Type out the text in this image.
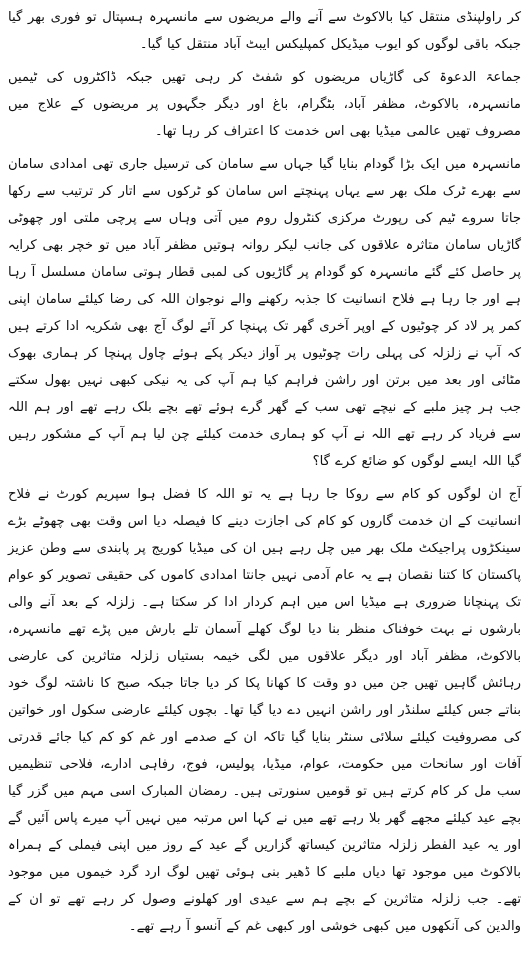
کر راولپنڈی منتقل کیا بالاکوٹ سے آنے والے مریضوں سے مانسہرہ ہسپتال تو فوری بھر گیا جبکہ باقی لوگوں کو ایوب میڈیکل کمپلیکس ایبٹ آباد منتقل کیا گیا۔

جماعۃ الدعوۃ کی گاڑیاں مریضوں کو شفٹ کر رہی تھیں جبکہ ڈاکٹروں کی ٹیمیں مانسہرہ، بالاکوٹ، مظفر آباد، بٹگرام، باغ اور دیگر جگہوں پر مریضوں کے علاج میں مصروف تھیں عالمی میڈیا بھی اس خدمت کا اعتراف کر رہا تھا۔

مانسہرہ میں ایک بڑا گودام بنایا گیا جہاں سے سامان کی ترسیل جاری تھی امدادی سامان سے بھرے ٹرک ملک بھر سے یہاں پہنچتے اس سامان کو ٹرکوں سے اتار کر ترتیب سے رکھا جاتا سروے ٹیم کی رپورٹ مرکزی کنٹرول روم میں آتی وہاں سے پرچی ملتی اور چھوٹی گاڑیاں سامان متاثرہ علاقوں کی جانب لیکر روانہ ہوتیں مظفر آباد میں تو خچر بھی کرایہ پر حاصل کئے گئے مانسہرہ کو گودام پر گاڑیوں کی لمبی قطار ہوتی سامان مسلسل آ رہا ہے اور جا رہا ہے فلاح انسانیت کا جذبہ رکھنے والے نوجوان اللہ کی رضا کیلئے سامان اپنی کمر پر لاد کر چوٹیوں کے اوپر آخری گھر تک پہنچا کر آئے لوگ آج بھی شکریہ ادا کرتے ہیں کہ آپ نے زلزلہ کی پہلی رات چوٹیوں پر آواز دیکر پکے ہوئے چاول پہنچا کر ہماری بھوک مٹائی اور بعد میں برتن اور راشن فراہم کیا ہم آپ کی یہ نیکی کبھی نہیں بھول سکتے جب ہر چیز ملبے کے نیچے تھی سب کے گھر گرے ہوئے تھے بچے بلک رہے تھے اور ہم اللہ سے فریاد کر رہے تھے اللہ نے آپ کو ہماری خدمت کیلئے چن لیا ہم آپ کے مشکور رہیں گیا اللہ ایسے لوگوں کو ضائع کرے گا؟

آج ان لوگوں کو کام سے روکا جا رہا ہے یہ تو اللہ کا فضل ہوا سپریم کورٹ نے فلاح انسانیت کے ان خدمت گاروں کو کام کی اجازت دینے کا فیصلہ دیا اس وقت بھی چھوٹے بڑے سینکڑوں پراجیکٹ ملک بھر میں چل رہے ہیں ان کی میڈیا کوریج پر پابندی سے وطن عزیز پاکستان کا کتنا نقصان ہے یہ عام آدمی نہیں جانتا امدادی کاموں کی حقیقی تصویر کو عوام تک پہنچانا ضروری ہے میڈیا اس میں اہم کردار ادا کر سکتا ہے۔ زلزلہ کے بعد آنے والی بارشوں نے بہت خوفناک منظر بنا دیا لوگ کھلے آسمان تلے بارش میں پڑے تھے مانسہرہ، بالاکوٹ، مظفر آباد اور دیگر علاقوں میں لگی خیمہ بستیاں زلزلہ متاثرین کی عارضی رہائش گاہیں تھیں جن میں دو وقت کا کھانا پکا کر دیا جاتا جبکہ صبح کا ناشتہ لوگ خود بناتے جس کیلئے سلنڈر اور راشن انہیں دے دیا گیا تھا۔ بچوں کیلئے عارضی سکول اور خواتین کی مصروفیت کیلئے سلائی سنٹر بنایا گیا تاکہ ان کے صدمے اور غم کو کم کیا جائے قدرتی آفات اور سانحات میں حکومت، عوام، میڈیا، پولیس، فوج، رفاہی ادارے، فلاحی تنظیمیں سب مل کر کام کرتے ہیں تو قومیں سنورتی ہیں۔ رمضان المبارک اسی مہم میں گزر گیا بچے عید کیلئے مجھے گھر بلا رہے تھے میں نے کہا اس مرتبہ میں نہیں آپ میرے پاس آئیں گے اور یہ عید الفطر زلزلہ متاثرین کیساتھ گزاریں گے عید کے روز میں اپنی فیملی کے ہمراہ بالاکوٹ میں موجود تھا دیاں ملبے کا ڈھیر بنی ہوئی تھیں لوگ ارد گرد خیموں میں موجود تھے۔ جب زلزلہ متاثرین کے بچے ہم سے عیدی اور کھلونے وصول کر رہے تھے تو ان کے والدین کی آنکھوں میں کبھی خوشی اور کبھی غم کے آنسو آ رہے تھے۔
